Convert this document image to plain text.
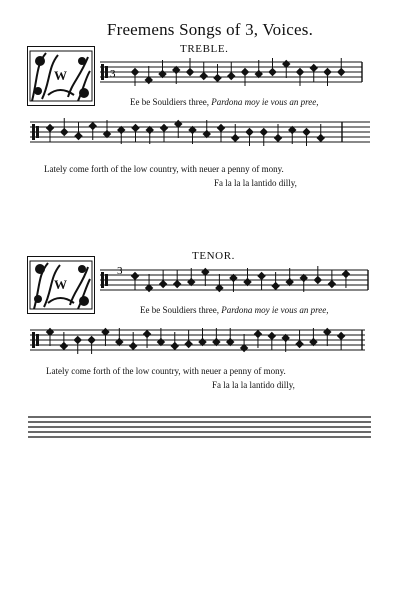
Freemens Songs of 3, Voices.
TREBLE.
W	3
3
Ee be Souldiers three, Pardona moy ie vous an pree,
Lately come forth of the low country, with neuer a penny of mony.
Fa la la la lantido dilly,
TENOR.
W
Ee be Souldiers three, Pardona moy ie vous an pree,
Lately come forth of the low country, with neuer a penny of mony.
Fa la la la lantido dilly,
